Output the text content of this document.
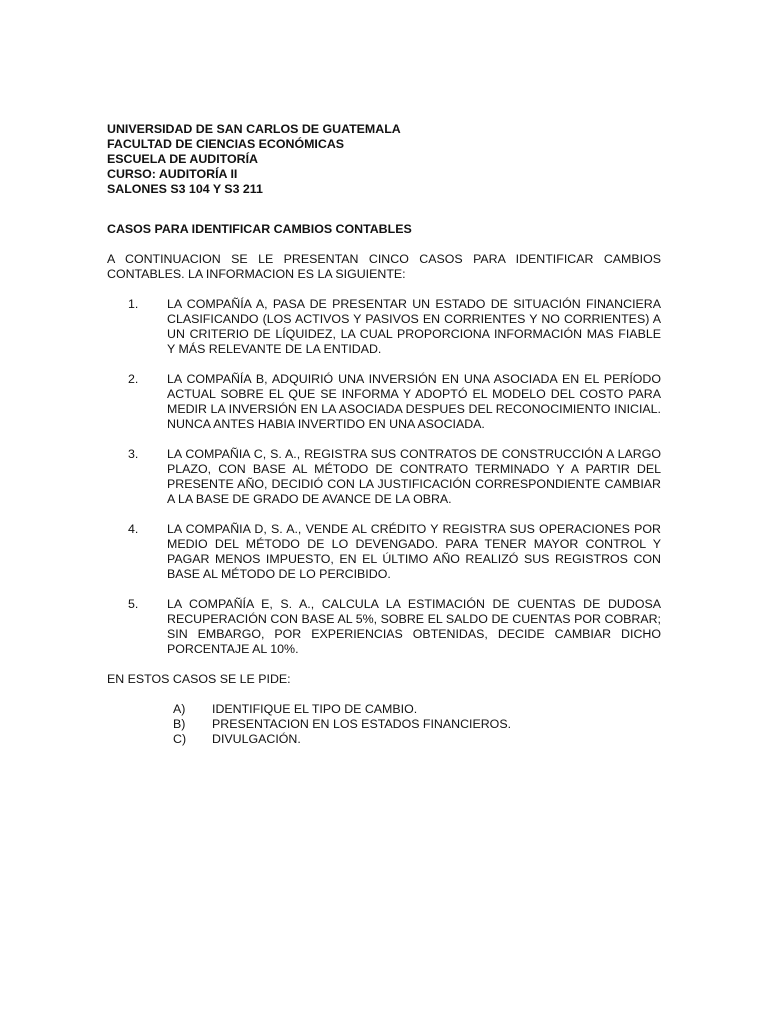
UNIVERSIDAD DE SAN CARLOS DE GUATEMALA
FACULTAD DE CIENCIAS ECONÓMICAS
ESCUELA DE AUDITORÍA
CURSO: AUDITORÍA II
SALONES S3 104 Y S3 211
CASOS PARA IDENTIFICAR CAMBIOS CONTABLES
A CONTINUACION SE LE PRESENTAN CINCO CASOS PARA IDENTIFICAR CAMBIOS CONTABLES. LA INFORMACION ES LA SIGUIENTE:
1.	LA COMPAÑÍA A, PASA DE PRESENTAR UN ESTADO DE SITUACIÓN FINANCIERA CLASIFICANDO (LOS ACTIVOS Y PASIVOS EN CORRIENTES Y NO CORRIENTES) A UN CRITERIO DE LÍQUIDEZ, LA CUAL PROPORCIONA INFORMACIÓN MAS FIABLE Y MÁS RELEVANTE DE LA ENTIDAD.
2.	LA COMPAÑÍA B, ADQUIRIÓ UNA INVERSIÓN EN UNA ASOCIADA EN EL PERÍODO ACTUAL SOBRE EL QUE SE INFORMA Y ADOPTÓ EL MODELO DEL COSTO PARA MEDIR LA INVERSIÓN EN LA ASOCIADA DESPUES DEL RECONOCIMIENTO INICIAL. NUNCA ANTES HABIA INVERTIDO EN UNA ASOCIADA.
3.	LA COMPAÑIA C, S. A., REGISTRA SUS CONTRATOS DE CONSTRUCCIÓN A LARGO PLAZO, CON BASE AL MÉTODO DE CONTRATO TERMINADO Y A PARTIR DEL PRESENTE AÑO, DECIDIÓ CON LA JUSTIFICACIÓN CORRESPONDIENTE CAMBIAR A LA BASE DE GRADO DE AVANCE DE LA OBRA.
4.	LA COMPAÑIA D, S. A., VENDE AL CRÉDITO Y REGISTRA SUS OPERACIONES POR MEDIO DEL MÉTODO DE LO DEVENGADO. PARA TENER MAYOR CONTROL Y PAGAR MENOS IMPUESTO, EN EL ÚLTIMO AÑO REALIZÓ SUS REGISTROS CON BASE AL MÉTODO DE LO PERCIBIDO.
5.	LA COMPAÑÍA E, S. A., CALCULA LA ESTIMACIÓN DE CUENTAS DE DUDOSA RECUPERACIÓN CON BASE AL 5%, SOBRE EL SALDO DE CUENTAS POR COBRAR; SIN EMBARGO, POR EXPERIENCIAS OBTENIDAS, DECIDE CAMBIAR DICHO PORCENTAJE AL 10%.
EN ESTOS CASOS SE LE PIDE:
A)	IDENTIFIQUE EL TIPO DE CAMBIO.
B)	PRESENTACION EN LOS ESTADOS FINANCIEROS.
C)	DIVULGACIÓN.
